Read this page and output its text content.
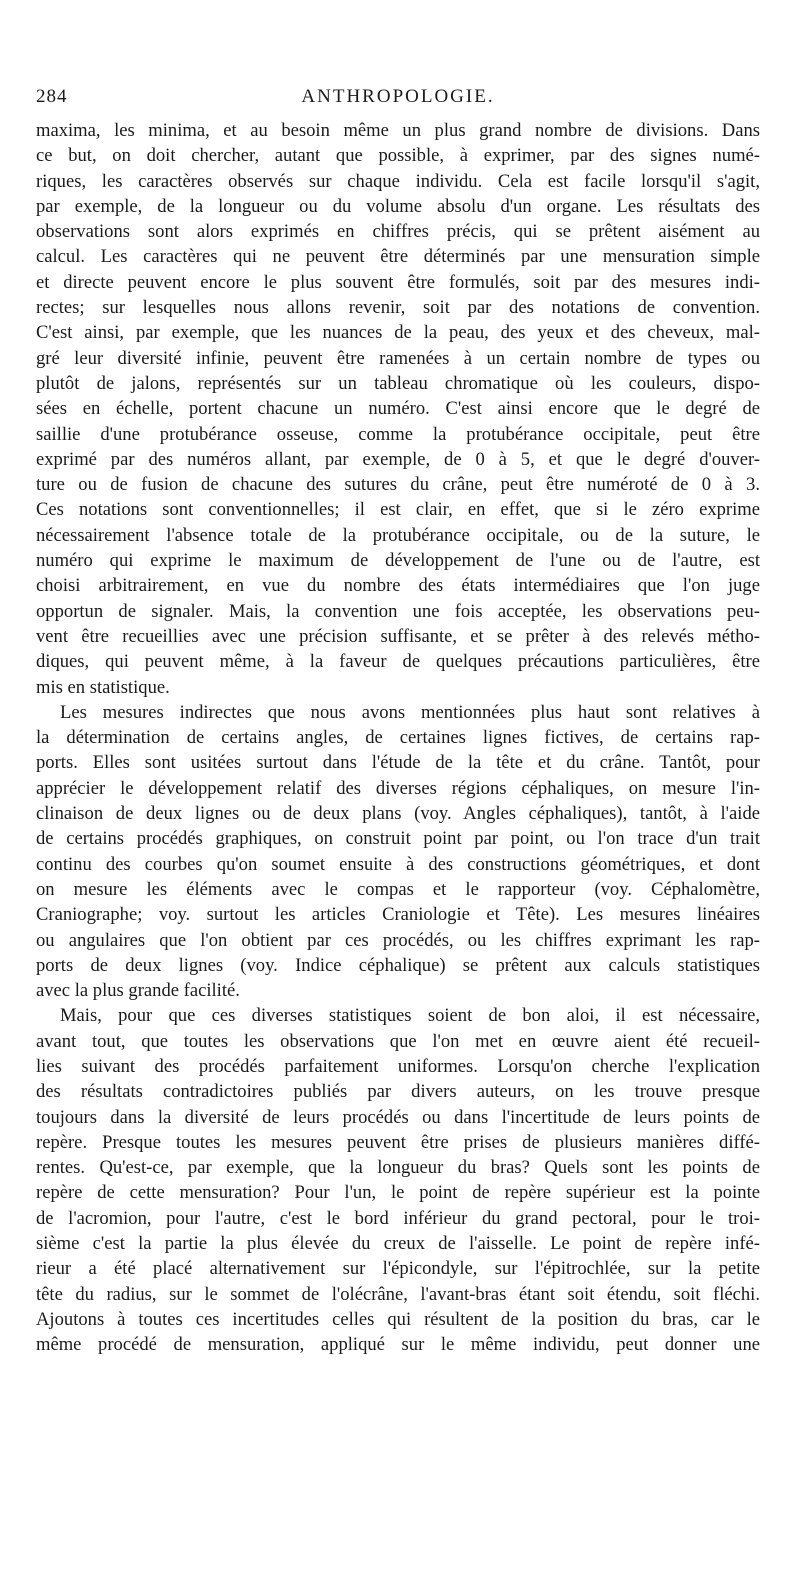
284	ANTHROPOLOGIE.
maxima, les minima, et au besoin même un plus grand nombre de divisions. Dans
ce but, on doit chercher, autant que possible, à exprimer, par des signes numé-
riques, les caractères observés sur chaque individu. Cela est facile lorsqu'il s'agit,
par exemple, de la longueur ou du volume absolu d'un organe. Les résultats des
observations sont alors exprimés en chiffres précis, qui se prêtent aisément au
calcul. Les caractères qui ne peuvent être déterminés par une mensuration simple
et directe peuvent encore le plus souvent être formulés, soit par des mesures indi-
rectes; sur lesquelles nous allons revenir, soit par des notations de convention.
C'est ainsi, par exemple, que les nuances de la peau, des yeux et des cheveux, mal-
gré leur diversité infinie, peuvent être ramenées à un certain nombre de types ou
plutôt de jalons, représentés sur un tableau chromatique où les couleurs, dispo-
sées en échelle, portent chacune un numéro. C'est ainsi encore que le degré de
saillie d'une protubérance osseuse, comme la protubérance occipitale, peut être
exprimé par des numéros allant, par exemple, de 0 à 5, et que le degré d'ouver-
ture ou de fusion de chacune des sutures du crâne, peut être numéroté de 0 à 3.
Ces notations sont conventionnelles; il est clair, en effet, que si le zéro exprime
nécessairement l'absence totale de la protubérance occipitale, ou de la suture, le
numéro qui exprime le maximum de développement de l'une ou de l'autre, est
choisi arbitrairement, en vue du nombre des états intermédiaires que l'on juge
opportun de signaler. Mais, la convention une fois acceptée, les observations peu-
vent être recueillies avec une précision suffisante, et se prêter à des relevés métho-
diques, qui peuvent même, à la faveur de quelques précautions particulières, être
mis en statistique.
Les mesures indirectes que nous avons mentionnées plus haut sont relatives à
la détermination de certains angles, de certaines lignes fictives, de certains rap-
ports. Elles sont usitées surtout dans l'étude de la tête et du crâne. Tantôt, pour
apprécier le développement relatif des diverses régions céphaliques, on mesure l'in-
clinaison de deux lignes ou de deux plans (voy. Angles céphaliques), tantôt, à l'aide
de certains procédés graphiques, on construit point par point, ou l'on trace d'un trait
continu des courbes qu'on soumet ensuite à des constructions géométriques, et dont
on mesure les éléments avec le compas et le rapporteur (voy. Céphalomètre,
Craniographe; voy. surtout les articles Craniologie et Tête). Les mesures linéaires
ou angulaires que l'on obtient par ces procédés, ou les chiffres exprimant les rap-
ports de deux lignes (voy. Indice céphalique) se prêtent aux calculs statistiques
avec la plus grande facilité.
Mais, pour que ces diverses statistiques soient de bon aloi, il est nécessaire,
avant tout, que toutes les observations que l'on met en œuvre aient été recueil-
lies suivant des procédés parfaitement uniformes. Lorsqu'on cherche l'explication
des résultats contradictoires publiés par divers auteurs, on les trouve presque
toujours dans la diversité de leurs procédés ou dans l'incertitude de leurs points de
repère. Presque toutes les mesures peuvent être prises de plusieurs manières diffé-
rentes. Qu'est-ce, par exemple, que la longueur du bras? Quels sont les points de
repère de cette mensuration? Pour l'un, le point de repère supérieur est la pointe
de l'acromion, pour l'autre, c'est le bord inférieur du grand pectoral, pour le troi-
sième c'est la partie la plus élevée du creux de l'aisselle. Le point de repère infé-
rieur a été placé alternativement sur l'épicondyle, sur l'épitrochlée, sur la petite
tête du radius, sur le sommet de l'olécrâne, l'avant-bras étant soit étendu, soit fléchi.
Ajoutons à toutes ces incertitudes celles qui résultent de la position du bras, car le
même procédé de mensuration, appliqué sur le même individu, peut donner une
